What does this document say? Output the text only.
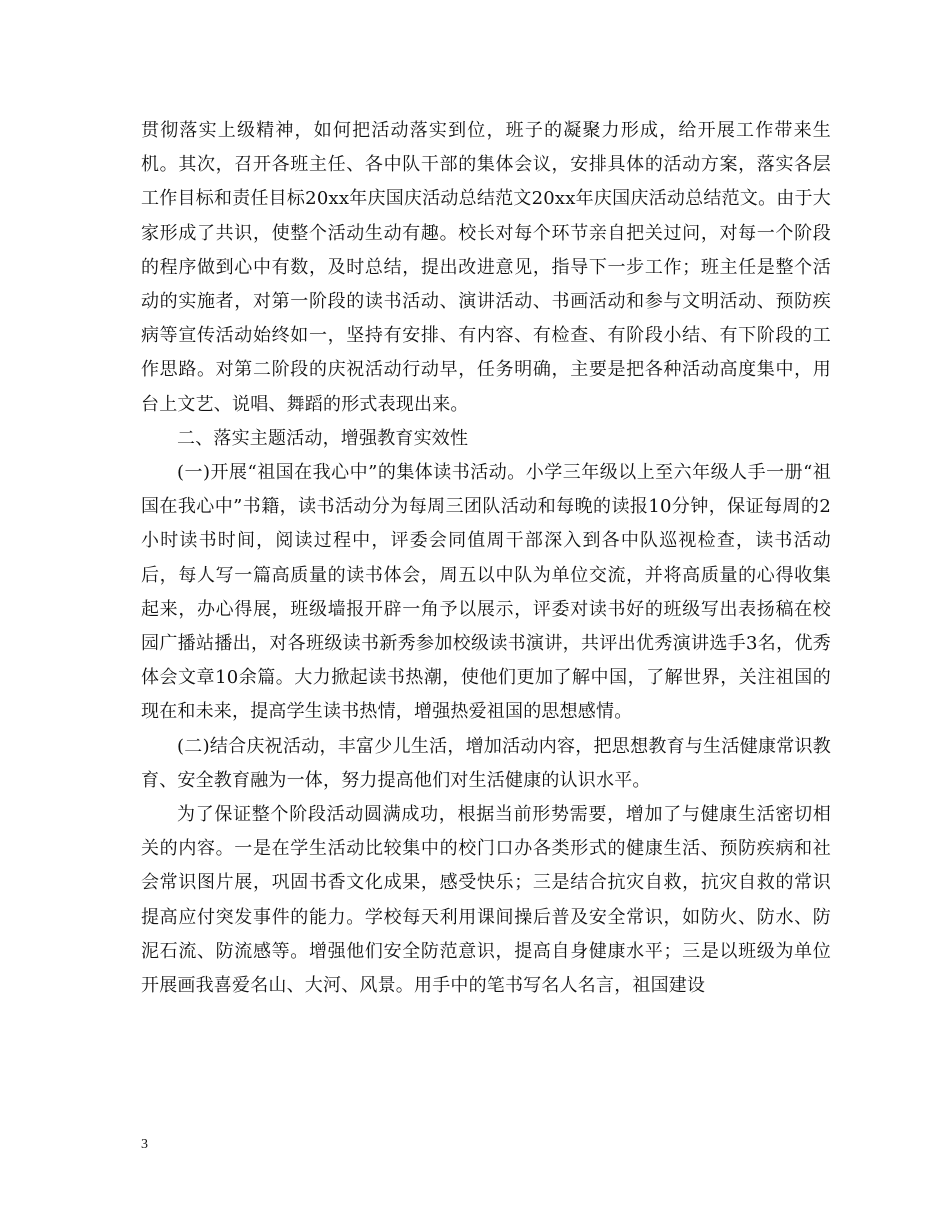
贯彻落实上级精神，如何把活动落实到位，班子的凝聚力形成，给开展工作带来生机。其次，召开各班主任、各中队干部的集体会议，安排具体的活动方案，落实各层工作目标和责任目标20xx年庆国庆活动总结范文20xx年庆国庆活动总结范文。由于大家形成了共识，使整个活动生动有趣。校长对每个环节亲自把关过问，对每一个阶段的程序做到心中有数，及时总结，提出改进意见，指导下一步工作；班主任是整个活动的实施者，对第一阶段的读书活动、演讲活动、书画活动和参与文明活动、预防疾病等宣传活动始终如一，坚持有安排、有内容、有检查、有阶段小结、有下阶段的工作思路。对第二阶段的庆祝活动行动早，任务明确，主要是把各种活动高度集中，用台上文艺、说唱、舞蹈的形式表现出来。

二、落实主题活动，增强教育实效性

(一)开展“祖国在我心中”的集体读书活动。小学三年级以上至六年级人手一册“祖国在我心中”书籍，读书活动分为每周三团队活动和每晚的读报10分钟，保证每周的2小时读书时间，阅读过程中，评委会同值周干部深入到各中队巡视检查，读书活动后，每人写一篇高质量的读书体会，周五以中队为单位交流，并将高质量的心得收集起来，办心得展，班级墙报开辟一角予以展示，评委对读书好的班级写出表扬稿在校园广播站播出，对各班级读书新秀参加校级读书演讲，共评出优秀演讲选手3名，优秀体会文章10余篇。大力掀起读书热潮，使他们更加了解中国，了解世界，关注祖国的现在和未来，提高学生读书热情，增强热爱祖国的思想感情。

(二)结合庆祝活动，丰富少儿生活，增加活动内容，把思想教育与生活健康常识教育、安全教育融为一体，努力提高他们对生活健康的认识水平。

为了保证整个阶段活动圆满成功，根据当前形势需要，增加了与健康生活密切相关的内容。一是在学生活动比较集中的校门口办各类形式的健康生活、预防疾病和社会常识图片展，巩固书香文化成果，感受快乐；三是结合抗灾自救，抗灾自救的常识提高应付突发事件的能力。学校每天利用课间操后普及安全常识，如防火、防水、防泥石流、防流感等。增强他们安全防范意识，提高自身健康水平；三是以班级为单位开展画我喜爱名山、大河、风景。用手中的笔书写名人名言，祖国建设

3
